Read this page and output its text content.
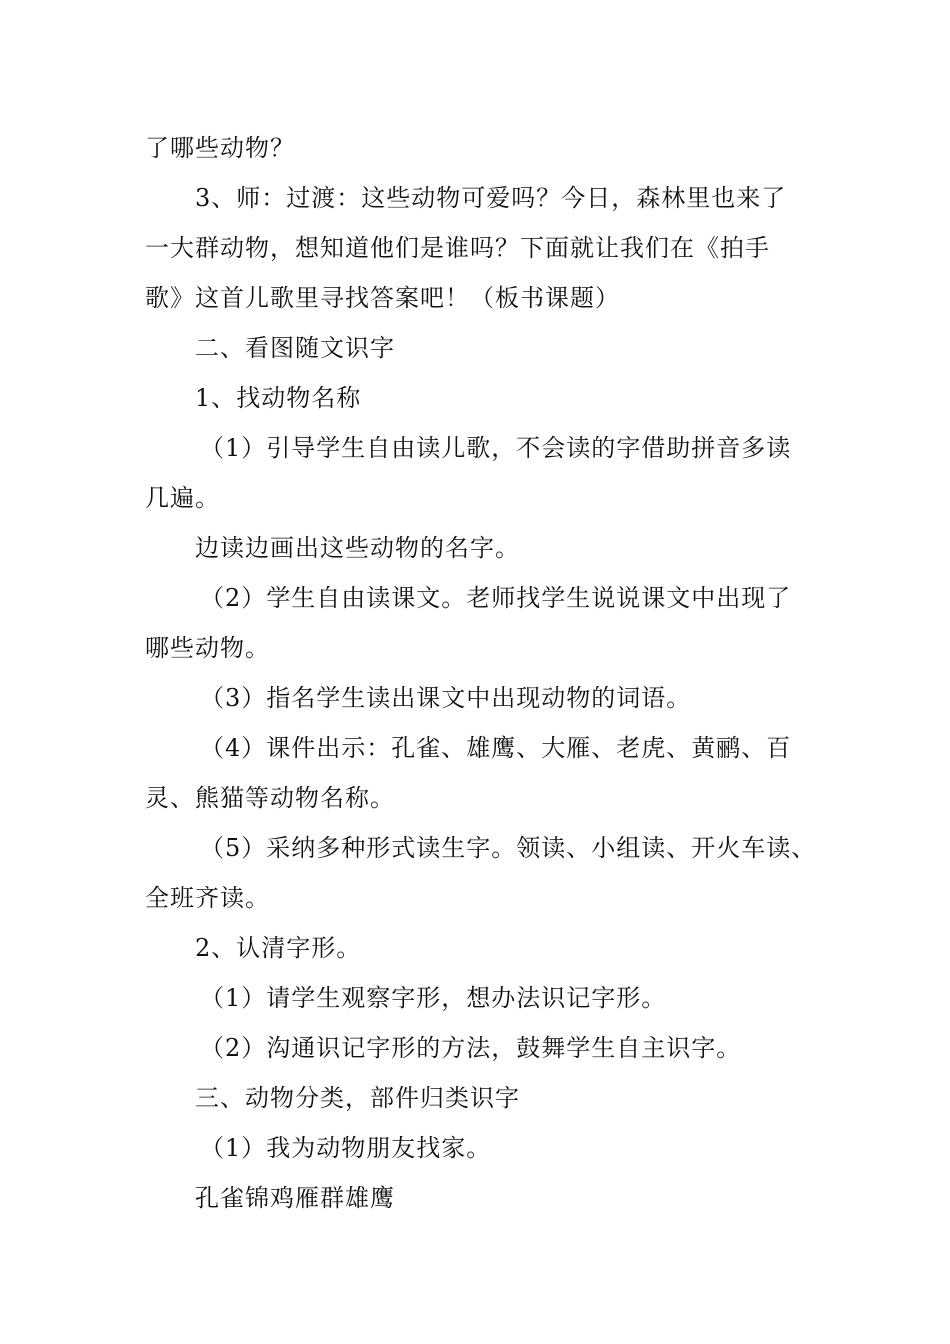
了哪些动物？
3、师：过渡：这些动物可爱吗？今日，森林里也来了
一大群动物，想知道他们是谁吗？下面就让我们在《拍手
歌》这首儿歌里寻找答案吧！（板书课题）
二、看图随文识字
1、找动物名称
（1）引导学生自由读儿歌，不会读的字借助拼音多读
几遍。
边读边画出这些动物的名字。
（2）学生自由读课文。老师找学生说说课文中出现了
哪些动物。
（3）指名学生读出课文中出现动物的词语。
（4）课件出示：孔雀、雄鹰、大雁、老虎、黄鹂、百
灵、熊猫等动物名称。
（5）采纳多种形式读生字。领读、小组读、开火车读、
全班齐读。
2、认清字形。
（1）请学生观察字形，想办法识记字形。
（2）沟通识记字形的方法，鼓舞学生自主识字。
三、动物分类，部件归类识字
（1）我为动物朋友找家。
孔雀锦鸡雁群雄鹰
